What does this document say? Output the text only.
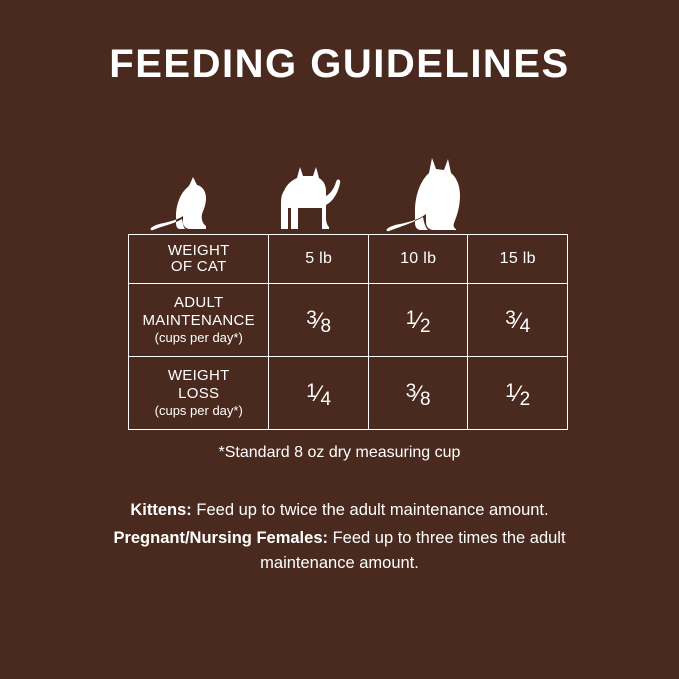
FEEDING GUIDELINES
WEIGHT
OF CAT	5 lb	10 lb	15 lb
ADULT
MAINTENANCE
(cups per day*)	3⁄8	1⁄2	3⁄4
WEIGHT
LOSS
(cups per day*)	1⁄4	3⁄8	1⁄2
*Standard 8 oz dry measuring cup
Kittens: Feed up to twice the adult maintenance amount.
Pregnant/Nursing Females: Feed up to three times the adult maintenance amount.
